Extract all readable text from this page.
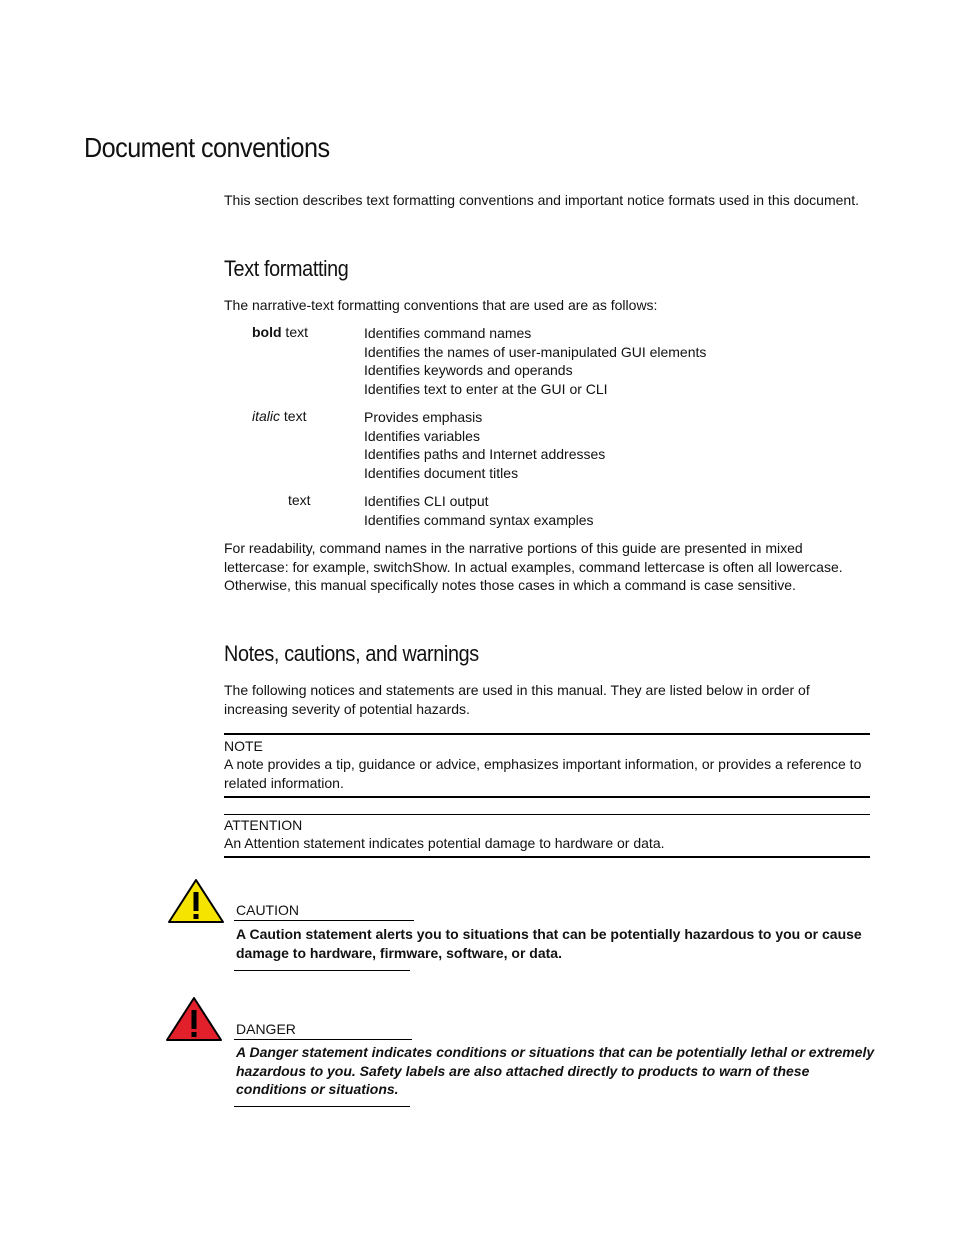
Document conventions
This section describes text formatting conventions and important notice formats used in this document.
Text formatting
The narrative-text formatting conventions that are used are as follows:
bold text	Identifies command names
Identifies the names of user-manipulated GUI elements
Identifies keywords and operands
Identifies text to enter at the GUI or CLI
italic text	Provides emphasis
Identifies variables
Identifies paths and Internet addresses
Identifies document titles
text	Identifies CLI output
Identifies command syntax examples
For readability, command names in the narrative portions of this guide are presented in mixed lettercase: for example, switchShow. In actual examples, command lettercase is often all lowercase. Otherwise, this manual specifically notes those cases in which a command is case sensitive.
Notes, cautions, and warnings
The following notices and statements are used in this manual. They are listed below in order of increasing severity of potential hazards.
NOTE
A note provides a tip, guidance or advice, emphasizes important information, or provides a reference to related information.
ATTENTION
An Attention statement indicates potential damage to hardware or data.
CAUTION
A Caution statement alerts you to situations that can be potentially hazardous to you or cause damage to hardware, firmware, software, or data.
DANGER
A Danger statement indicates conditions or situations that can be potentially lethal or extremely hazardous to you. Safety labels are also attached directly to products to warn of these conditions or situations.
